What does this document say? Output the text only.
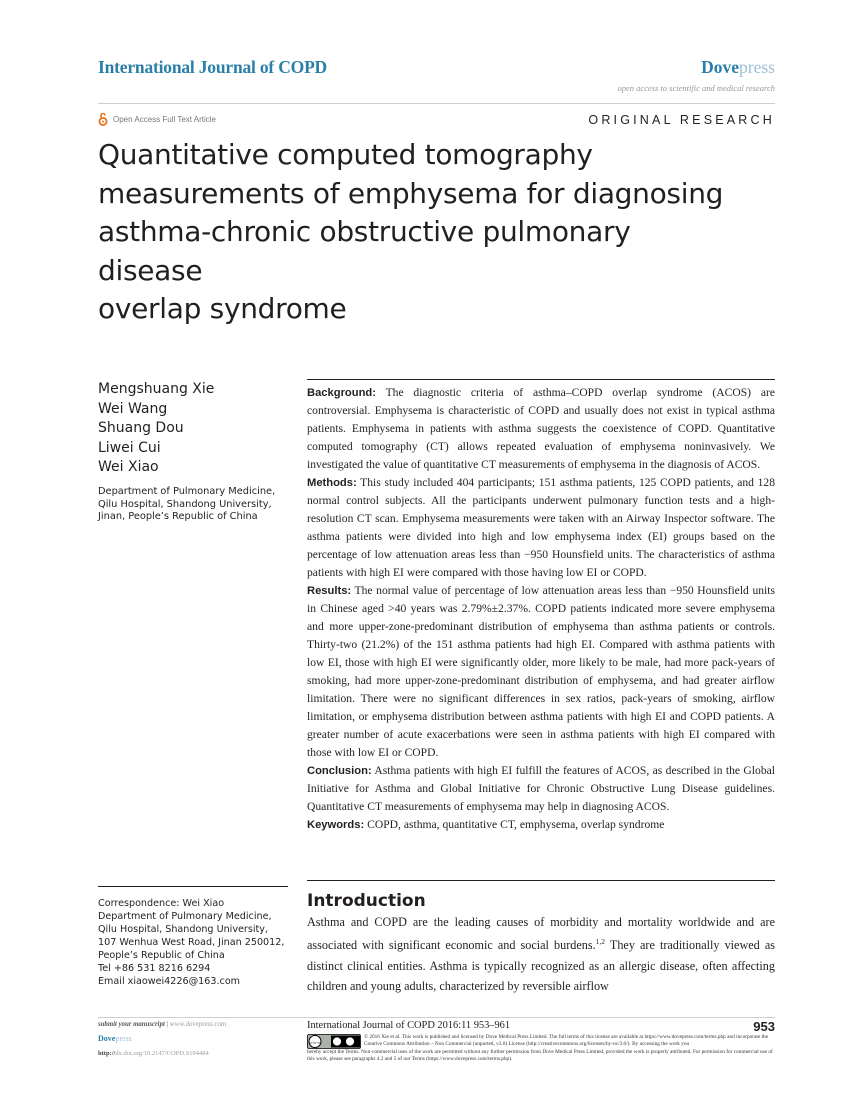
International Journal of COPD	Dovepress
open access to scientific and medical research
Open Access Full Text Article	ORIGINAL RESEARCH
Quantitative computed tomography
measurements of emphysema for diagnosing
asthma-chronic obstructive pulmonary disease
overlap syndrome
Mengshuang Xie
Wei Wang
Shuang Dou
Liwei Cui
Wei Xiao
Department of Pulmonary Medicine,
Qilu Hospital, Shandong University,
Jinan, People’s Republic of China

Background: The diagnostic criteria of asthma–COPD overlap syndrome (ACOS) are controversial. Emphysema is characteristic of COPD and usually does not exist in typical asthma patients. Emphysema in patients with asthma suggests the coexistence of COPD. Quantitative computed tomography (CT) allows repeated evaluation of emphysema noninvasively. We investigated the value of quantitative CT measurements of emphysema in the diagnosis of ACOS.

Methods: This study included 404 participants; 151 asthma patients, 125 COPD patients, and 128 normal control subjects. All the participants underwent pulmonary function tests and a high-resolution CT scan. Emphysema measurements were taken with an Airway Inspector software. The asthma patients were divided into high and low emphysema index (EI) groups based on the percentage of low attenuation areas less than −950 Hounsfield units. The characteristics of asthma patients with high EI were compared with those having low EI or COPD.

Results: The normal value of percentage of low attenuation areas less than −950 Hounsfield units in Chinese aged >40 years was 2.79%±2.37%. COPD patients indicated more severe emphysema and more upper-zone-predominant distribution of emphysema than asthma patients or controls. Thirty-two (21.2%) of the 151 asthma patients had high EI. Compared with asthma patients with low EI, those with high EI were significantly older, more likely to be male, had more pack-years of smoking, had more upper-zone-predominant distribution of emphysema, and had greater airflow limitation. There were no significant differences in sex ratios, pack-years of smoking, airflow limitation, or emphysema distribution between asthma patients with high EI and COPD patients. A greater number of acute exacerbations were seen in asthma patients with high EI compared with those with low EI or COPD.

Conclusion: Asthma patients with high EI fulfill the features of ACOS, as described in the Global Initiative for Asthma and Global Initiative for Chronic Obstructive Lung Disease guidelines. Quantitative CT measurements of emphysema may help in diagnosing ACOS.

Keywords: COPD, asthma, quantitative CT, emphysema, overlap syndrome

Correspondence: Wei Xiao
Department of Pulmonary Medicine,
Qilu Hospital, Shandong University,
107 Wenhua West Road, Jinan 250012,
People’s Republic of China
Tel +86 531 8216 6294
Email xiaowei4226@163.com
Introduction
Asthma and COPD are the leading causes of morbidity and mortality worldwide and are associated with significant economic and social burdens.$^{1,2}$ They are traditionally viewed as distinct clinical entities. Asthma is typically recognized as an allergic disease, often affecting children and young adults, characterized by reversible airflow
submit your manuscript | www.dovepress.com
Dovepress
http://dx.doi.org/10.2147/COPD.S104484
International Journal of COPD 2016:11 953–961	953
cc by nc
© 2016 Xie et al. This work is published and licensed by Dove Medical Press Limited. The full terms of this license are available at https://www.dovepress.com/terms.php and incorporate the Creative Commons Attribution – Non Commercial (unported, v3.0) License (http://creativecommons.org/licenses/by-nc/3.0/). By accessing the work you
hereby accept the Terms. Non-commercial uses of the work are permitted without any further permission from Dove Medical Press Limited, provided the work is properly attributed. For permission for commercial use of this work, please see paragraphs 4.2 and 5 of our Terms (https://www.dovepress.com/terms.php).
